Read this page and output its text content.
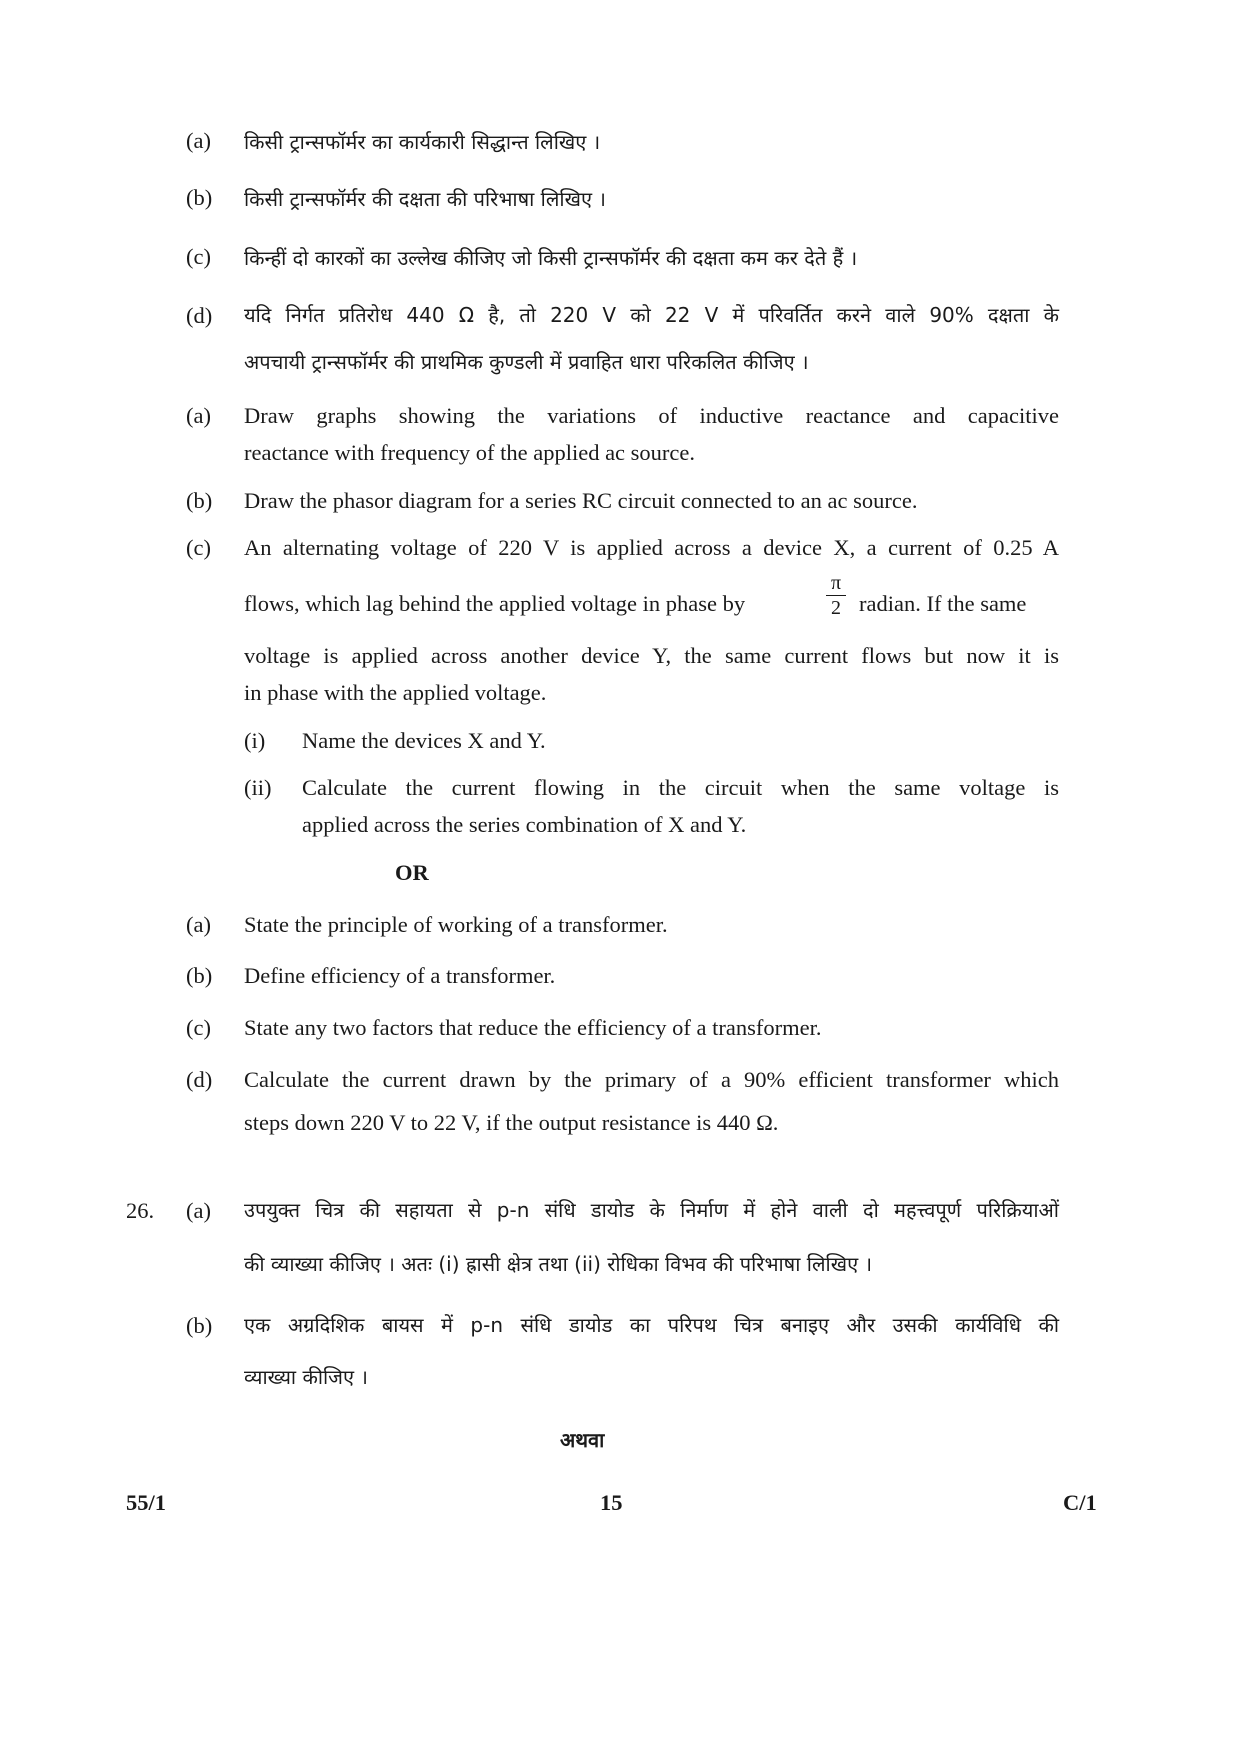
(a) किसी ट्रान्सफॉर्मर का कार्यकारी सिद्धान्त लिखिए ।
(b) किसी ट्रान्सफॉर्मर की दक्षता की परिभाषा लिखिए ।
(c) किन्हीं दो कारकों का उल्लेख कीजिए जो किसी ट्रान्सफॉर्मर की दक्षता कम कर देते हैं ।
(d) यदि निर्गत प्रतिरोध 440 Ω है, तो 220 V को 22 V में परिवर्तित करने वाले 90% दक्षता के
अपचायी ट्रान्सफॉर्मर की प्राथमिक कुण्डली में प्रवाहित धारा परिकलित कीजिए ।
(a) Draw graphs showing the variations of inductive reactance and capacitive
reactance with frequency of the applied ac source.
(b) Draw the phasor diagram for a series RC circuit connected to an ac source.
(c) An alternating voltage of 220 V is applied across a device X, a current of 0.25 A
flows, which lag behind the applied voltage in phase by
π
2 radian. If the same
voltage is applied across another device Y, the same current flows but now it is
in phase with the applied voltage.
(i) Name the devices X and Y.
(ii) Calculate the current flowing in the circuit when the same voltage is
applied across the series combination of X and Y.
OR
(a) State the principle of working of a transformer.
(b) Define efficiency of a transformer.
(c) State any two factors that reduce the efficiency of a transformer.
(d) Calculate the current drawn by the primary of a 90% efficient transformer which
steps down 220 V to 22 V, if the output resistance is 440 Ω.
26. (a) उपयुक्त चित्र की सहायता से p-n संधि डायोड के निर्माण में होने वाली दो महत्त्वपूर्ण परिक्रियाओं
की व्याख्या कीजिए । अतः (i) ह्रासी क्षेत्र तथा (ii) रोधिका विभव की परिभाषा लिखिए ।
(b) एक अग्रदिशिक बायस में p-n संधि डायोड का परिपथ चित्र बनाइए और उसकी कार्यविधि की
व्याख्या कीजिए ।
अथवा
55/1	15	C/1
